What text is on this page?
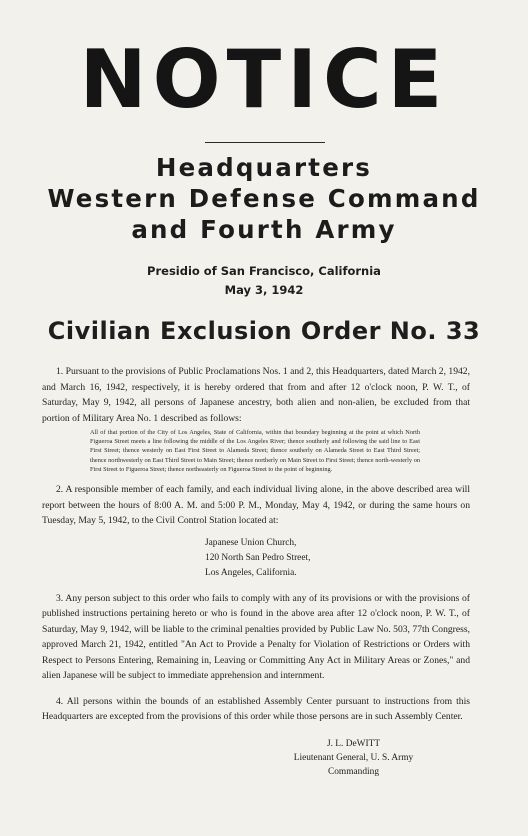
NOTICE
Headquarters
Western Defense Command
and Fourth Army
Presidio of San Francisco, California
May 3, 1942
Civilian Exclusion Order No. 33

1. Pursuant to the provisions of Public Proclamations Nos. 1 and 2, this Headquarters, dated March 2, 1942, and March 16, 1942, respectively, it is hereby ordered that from and after 12 o'clock noon, P. W. T., of Saturday, May 9, 1942, all persons of Japanese ancestry, both alien and non-alien, be excluded from that portion of Military Area No. 1 described as follows:

All of that portion of the City of Los Angeles, State of California, within that boundary beginning at the point at which North Figueroa Street meets a line following the middle of the Los Angeles River; thence southerly and following the said line to East First Street; thence westerly on East First Street to Alameda Street; thence southerly on Alameda Street to East Third Street; thence northwesterly on East Third Street to Main Street; thence northerly on Main Street to First Street; thence north-westerly on First Street to Figueroa Street; thence northeasterly on Figueroa Street to the point of beginning.

2. A responsible member of each family, and each individual living alone, in the above described area will report between the hours of 8:00 A. M. and 5:00 P. M., Monday, May 4, 1942, or during the same hours on Tuesday, May 5, 1942, to the Civil Control Station located at:

Japanese Union Church,
120 North San Pedro Street,
Los Angeles, California.

3. Any person subject to this order who fails to comply with any of its provisions or with the provisions of published instructions pertaining hereto or who is found in the above area after 12 o'clock noon, P. W. T., of Saturday, May 9, 1942, will be liable to the criminal penalties provided by Public Law No. 503, 77th Congress, approved March 21, 1942, entitled "An Act to Provide a Penalty for Violation of Restrictions or Orders with Respect to Persons Entering, Remaining in, Leaving or Committing Any Act in Military Areas or Zones," and alien Japanese will be subject to immediate apprehension and internment.

4. All persons within the bounds of an established Assembly Center pursuant to instructions from this Headquarters are excepted from the provisions of this order while those persons are in such Assembly Center.

J. L. DeWITT
Lieutenant General, U. S. Army
Commanding
